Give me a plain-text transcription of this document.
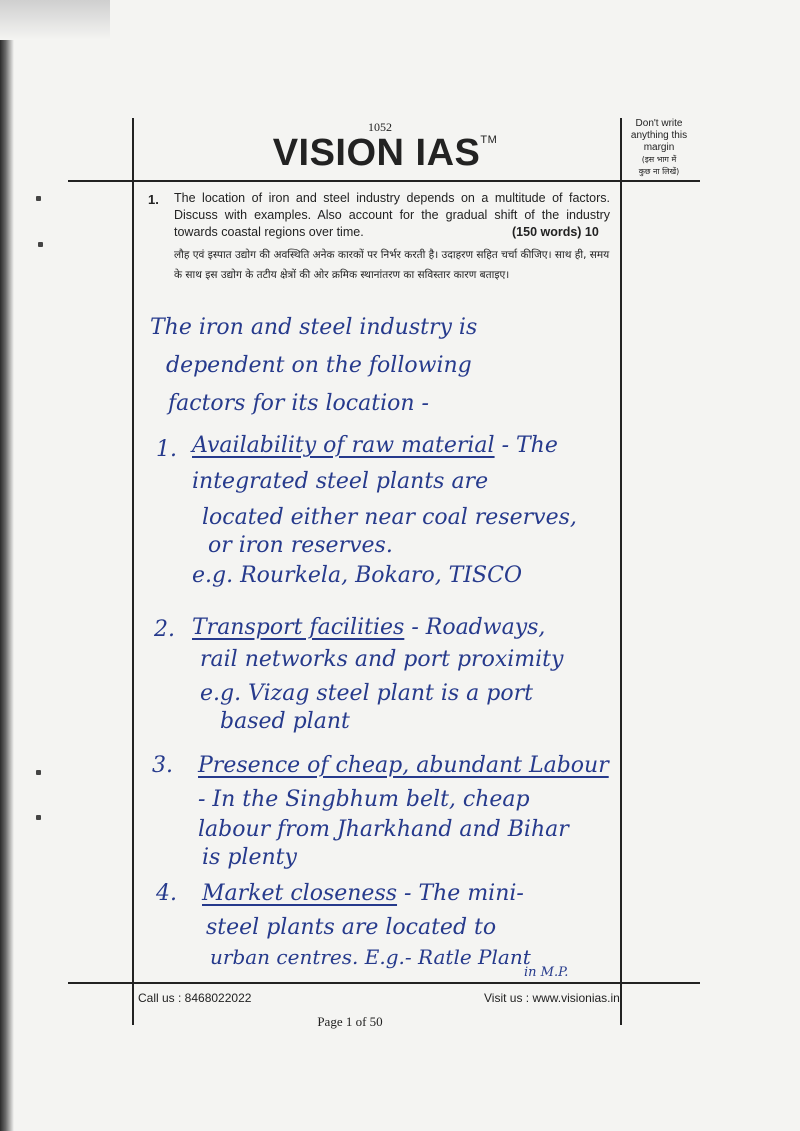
1052
VISION IAS™
Don't write
anything this
margin
(इस भाग में
कुछ ना लिखें)
1. The location of iron and steel industry depends on a multitude of factors. Discuss with examples. Also account for the gradual shift of the industry towards coastal regions over time.	(150 words) 10
लौह एवं इस्पात उद्योग की अवस्थिति अनेक कारकों पर निर्भर करती है। उदाहरण सहित चर्चा कीजिए। साथ ही, समय के साथ इस उद्योग के तटीय क्षेत्रों की ओर क्रमिक स्थानांतरण का सविस्तार कारण बताइए।
The iron and steel industry is
dependent on the following
factors for its location -
1. Availability of raw material - The
integrated steel plants are
located either near coal reserves,
or iron reserves.
e.g. Rourkela, Bokaro, TISCO
2. Transport facilities - Roadways,
rail networks and port proximity
e.g. Vizag steel plant is a port
based plant
3. Presence of cheap, abundant Labour
- In the Singbhum belt, cheap
labour from Jharkhand and Bihar
is plenty
4. Market closeness - The mini-
steel plants are located to
urban centres. E.g.- Ratle Plant
in M.P.
Call us : 8468022022	Visit us : www.visionias.in
Page 1 of 50
